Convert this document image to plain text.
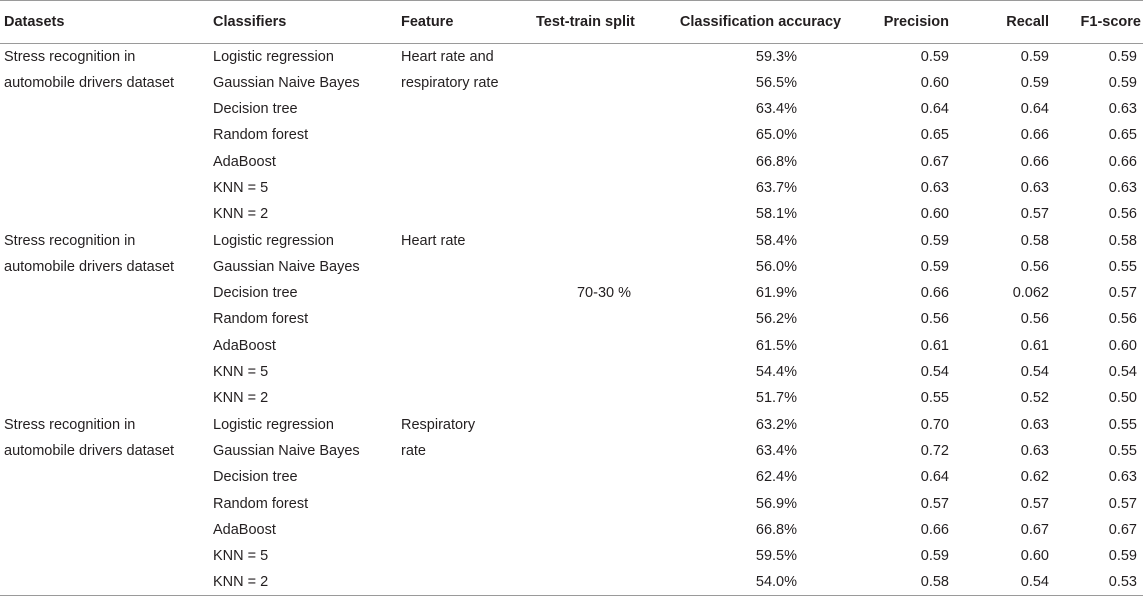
Datasets	Classifiers	Feature	Test-train split	Classification accuracy	Precision	Recall	F1-score

Stress recognition in	Logistic regression	Heart rate and		59.3%	0.59	0.59	0.59

automobile drivers dataset	Gaussian Naive Bayes	respiratory rate		56.5%	0.60	0.59	0.59
	Decision tree			63.4%	0.64	0.64	0.63
	Random forest			65.0%	0.65	0.66	0.65
	AdaBoost			66.8%	0.67	0.66	0.66
	KNN = 5			63.7%	0.63	0.63	0.63
	KNN = 2			58.1%	0.60	0.57	0.56

Stress recognition in	Logistic regression	Heart rate		58.4%	0.59	0.58	0.58

automobile drivers dataset	Gaussian Naive Bayes			56.0%	0.59	0.56	0.55
	Decision tree		70-30 %	61.9%	0.66	0.062	0.57
	Random forest			56.2%	0.56	0.56	0.56
	AdaBoost			61.5%	0.61	0.61	0.60
	KNN = 5			54.4%	0.54	0.54	0.54
	KNN = 2			51.7%	0.55	0.52	0.50

Stress recognition in	Logistic regression	Respiratory		63.2%	0.70	0.63	0.55

automobile drivers dataset	Gaussian Naive Bayes	rate		63.4%	0.72	0.63	0.55
	Decision tree			62.4%	0.64	0.62	0.63
	Random forest			56.9%	0.57	0.57	0.57
	AdaBoost			66.8%	0.66	0.67	0.67
	KNN = 5			59.5%	0.59	0.60	0.59
	KNN = 2			54.0%	0.58	0.54	0.53
